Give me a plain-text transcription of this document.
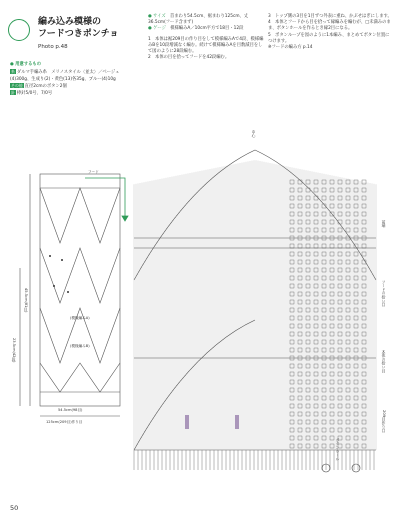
編み込み模様の
フードつきポンチョ
Photo p.48
● 用意するもの
糸 ダルマ手編み糸　メリノスタイル〈並太〉／ベージュ(4)300g、生成り(2)・黄色(13)各35g、ブルー(4)10g
その他 直径2cmのボタン2個
針 棒針5/0号、7/0号
● サイズ　 首まわり54.5cm、裾まわり125cm、丈36.5cm(フード含まず)
● ゲージ　 模様編みA／10cm平方で18目・12段
1　本体は裾209目の作り目をして模様編みAで4段、模様編みBを10段増減なく編む。続けて模様編みAを目数減目をして図のように28段編む。
2　本体の目を拾ってフードを42段編む。
3　トップ側の3目を1目ずつ外表に重ね、かぶせはぎにします。
4　本体とフードから目を拾って縁編みを編むが、□未満みのまま、ボタンホールを作るとき縁2目になる。
5　ボタンループを図のように1本編み、まとめてボタン位置につけます。
※フードの編み方 p.14
(模様編みA)
(模様編みB)
フード
54.5cm(98目)
45.5cm(81目)
125cm(209目)作り目
23.5cm(42段)
中心
前端
フードの拾い目
本体の拾い目
209目作り目
ボタンホール
50
